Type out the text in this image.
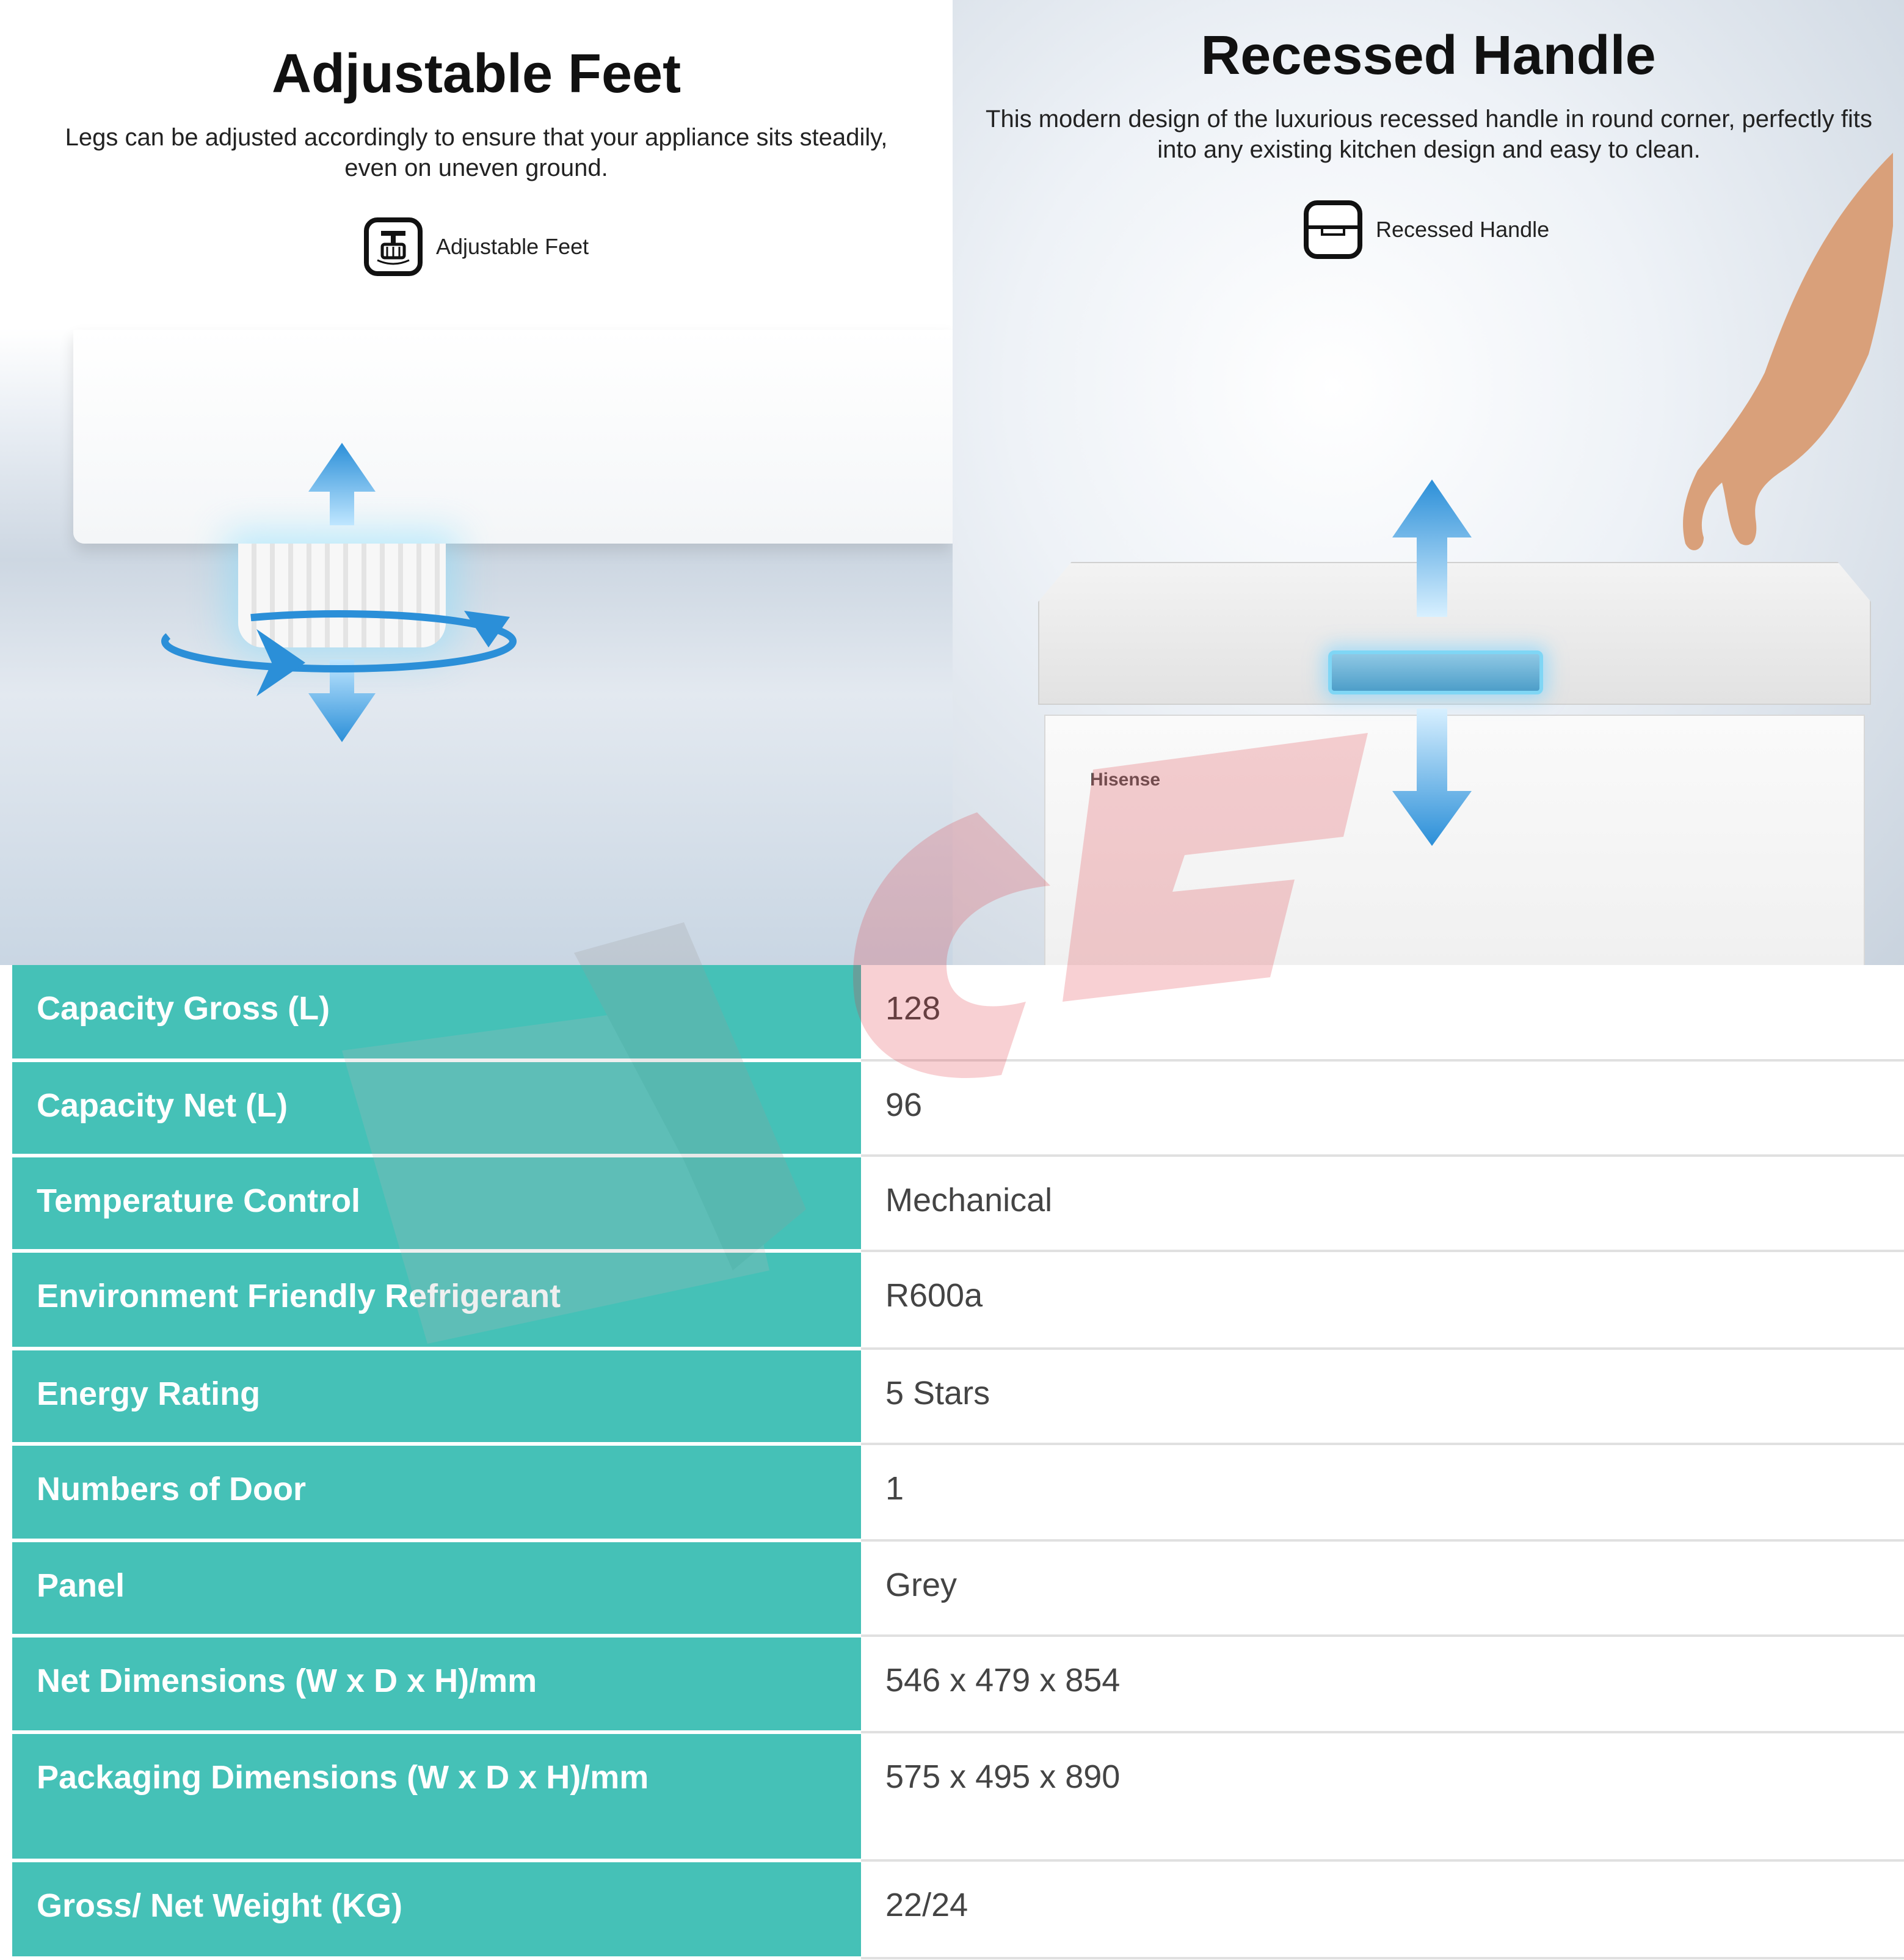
Adjustable Feet

Legs can be adjusted accordingly to ensure that your appliance sits steadily, even on uneven ground.

Adjustable Feet
Recessed Handle

This modern design of the luxurious recessed handle in round corner, perfectly fits into any existing kitchen design and easy to clean.

Recessed Handle
Hisense
Capacity Gross (L)	128
Capacity Net (L)	96
Temperature Control	Mechanical
Environment Friendly Refrigerant	R600a
Energy Rating	5 Stars
Numbers of Door	1
Panel	Grey
Net Dimensions (W x D x H)/mm	546 x 479 x 854
Packaging Dimensions (W x D x H)/mm	575 x 495 x 890
Gross/ Net Weight (KG)	22/24
